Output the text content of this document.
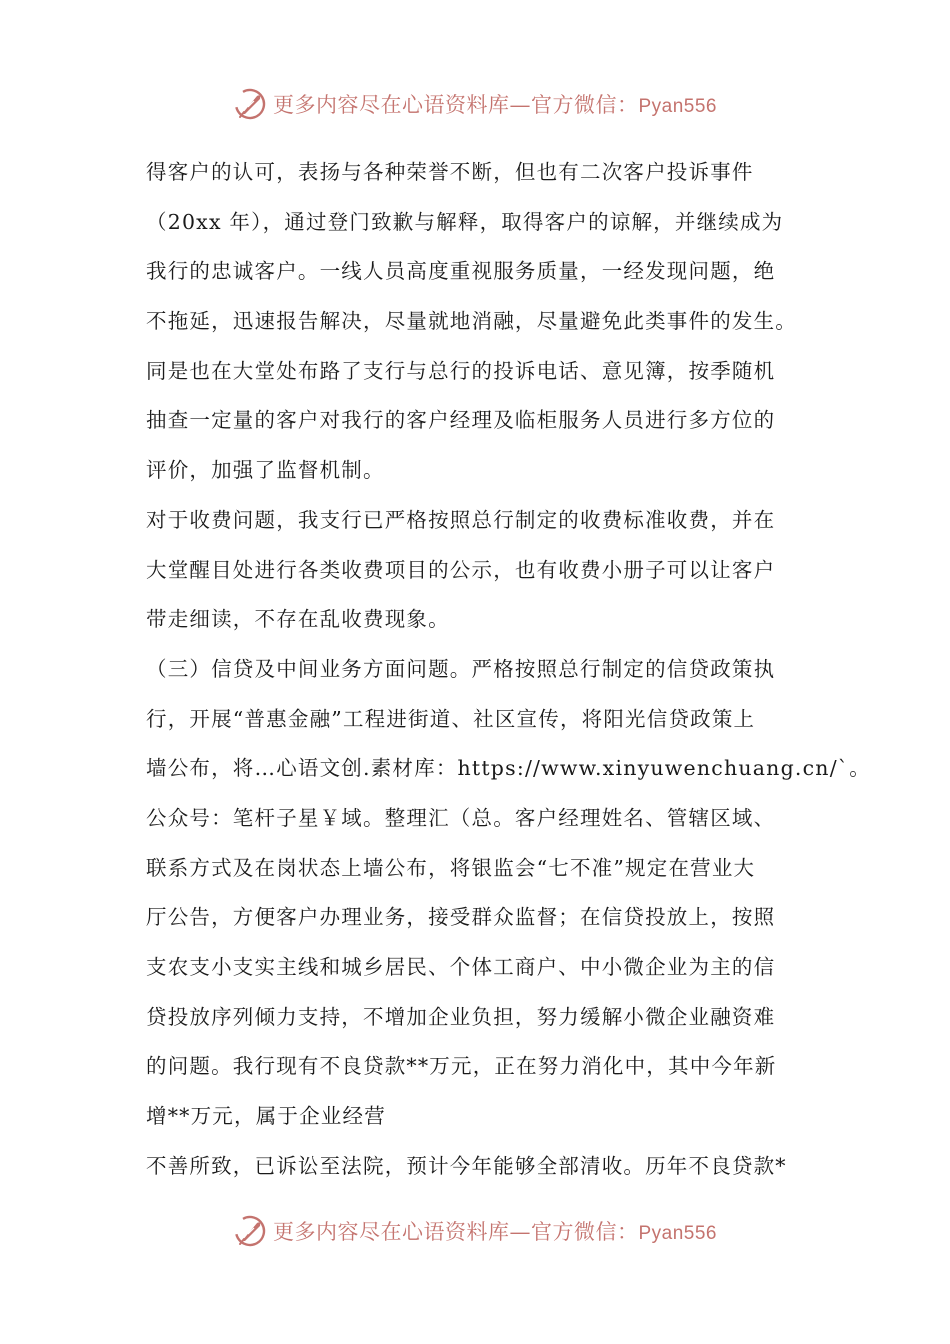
更多内容尽在心语资料库—官方微信：Pyan556
得客户的认可，表扬与各种荣誉不断，但也有二次客户投诉事件
（20xx 年），通过登门致歉与解释，取得客户的谅解，并继续成为
我行的忠诚客户。一线人员高度重视服务质量，一经发现问题，绝
不拖延，迅速报告解决，尽量就地消融，尽量避免此类事件的发生。
同是也在大堂处布路了支行与总行的投诉电话、意见簿，按季随机
抽查一定量的客户对我行的客户经理及临柜服务人员进行多方位的
评价，加强了监督机制。
对于收费问题，我支行已严格按照总行制定的收费标准收费，并在
大堂醒目处进行各类收费项目的公示，也有收费小册子可以让客户
带走细读，不存在乱收费现象。
（三）信贷及中间业务方面问题。严格按照总行制定的信贷政策执
行，开展“普惠金融”工程进街道、社区宣传，将阳光信贷政策上
墙公布，将…心语文创.素材库：https://www.xinyuwenchuang.cn/`。
公众号：笔杆子星￥域。整理汇（总。客户经理姓名、管辖区域、
联系方式及在岗状态上墙公布，将银监会“七不准”规定在营业大
厅公告，方便客户办理业务，接受群众监督；在信贷投放上，按照
支农支小支实主线和城乡居民、个体工商户、中小微企业为主的信
贷投放序列倾力支持，不增加企业负担，努力缓解小微企业融资难
的问题。我行现有不良贷款**万元，正在努力消化中，其中今年新
增**万元，属于企业经营
不善所致，已诉讼至法院，预计今年能够全部清收。历年不良贷款*
更多内容尽在心语资料库—官方微信：Pyan556
